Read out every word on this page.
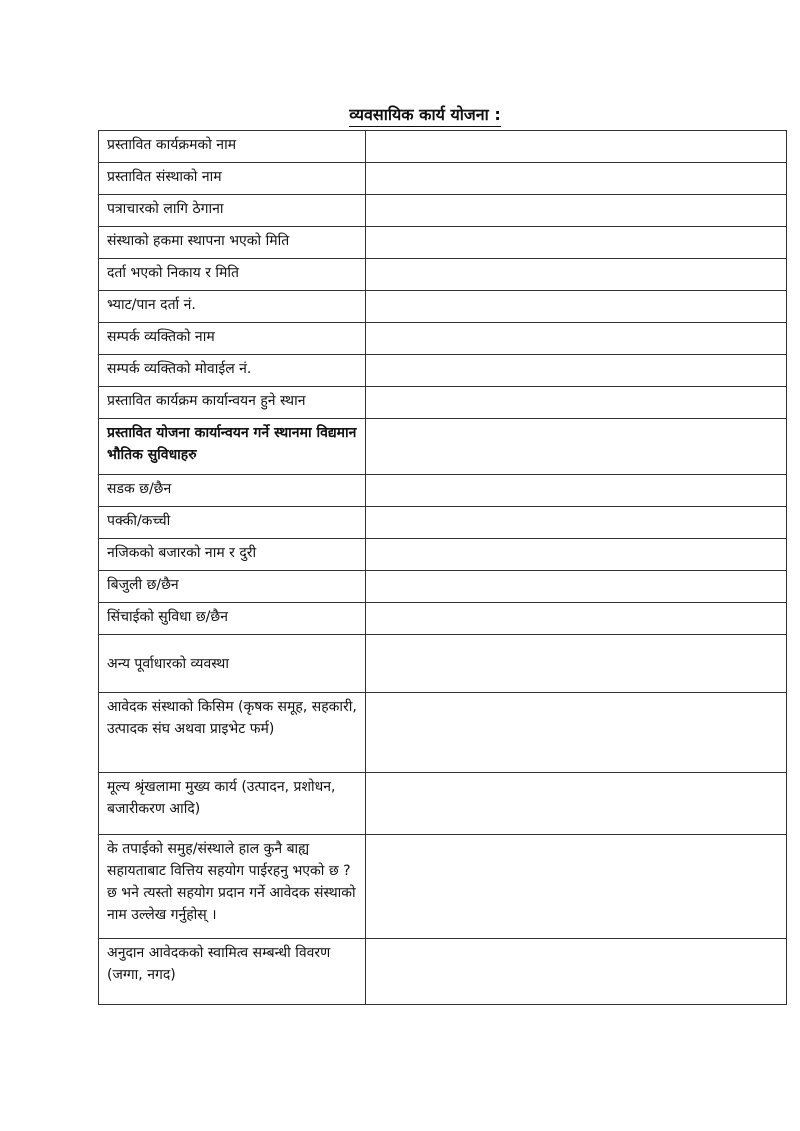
व्यवसायिक कार्य योजना :
प्रस्तावित कार्यक्रमको नाम	
प्रस्तावित संस्थाको नाम	
पत्राचारको लागि ठेगाना	
संस्थाको हकमा स्थापना भएको मिति	
दर्ता भएको निकाय र मिति	
भ्याट/पान दर्ता नं.	
सम्पर्क व्यक्तिको नाम	
सम्पर्क व्यक्तिको मोवाईल नं.	
प्रस्तावित कार्यक्रम कार्यान्वयन हुने स्थान	
प्रस्तावित योजना कार्यान्वयन गर्ने स्थानमा विद्यमान भौतिक सुविधाहरु	
सडक छ/छैन	
पक्की/कच्ची	
नजिकको बजारको नाम र दुरी	
बिजुली छ/छैन	
सिंचाईको सुविधा छ/छैन	
अन्य पूर्वाधारको व्यवस्था	
आवेदक संस्थाको किसिम (कृषक समूह, सहकारी, उत्पादक संघ अथवा प्राइभेट फर्म)	
मूल्य श्रृंखलामा मुख्य कार्य (उत्पादन, प्रशोधन, बजारीकरण आदि)	
के तपाईको समुह/संस्थाले हाल कुनै बाह्य सहायताबाट वित्तिय सहयोग पाईरहनु भएको छ ? छ भने त्यस्तो सहयोग प्रदान गर्ने आवेदक संस्थाको नाम उल्लेख गर्नुहोस् ।	
अनुदान आवेदकको स्वामित्व सम्बन्धी विवरण (जग्गा, नगद)	
